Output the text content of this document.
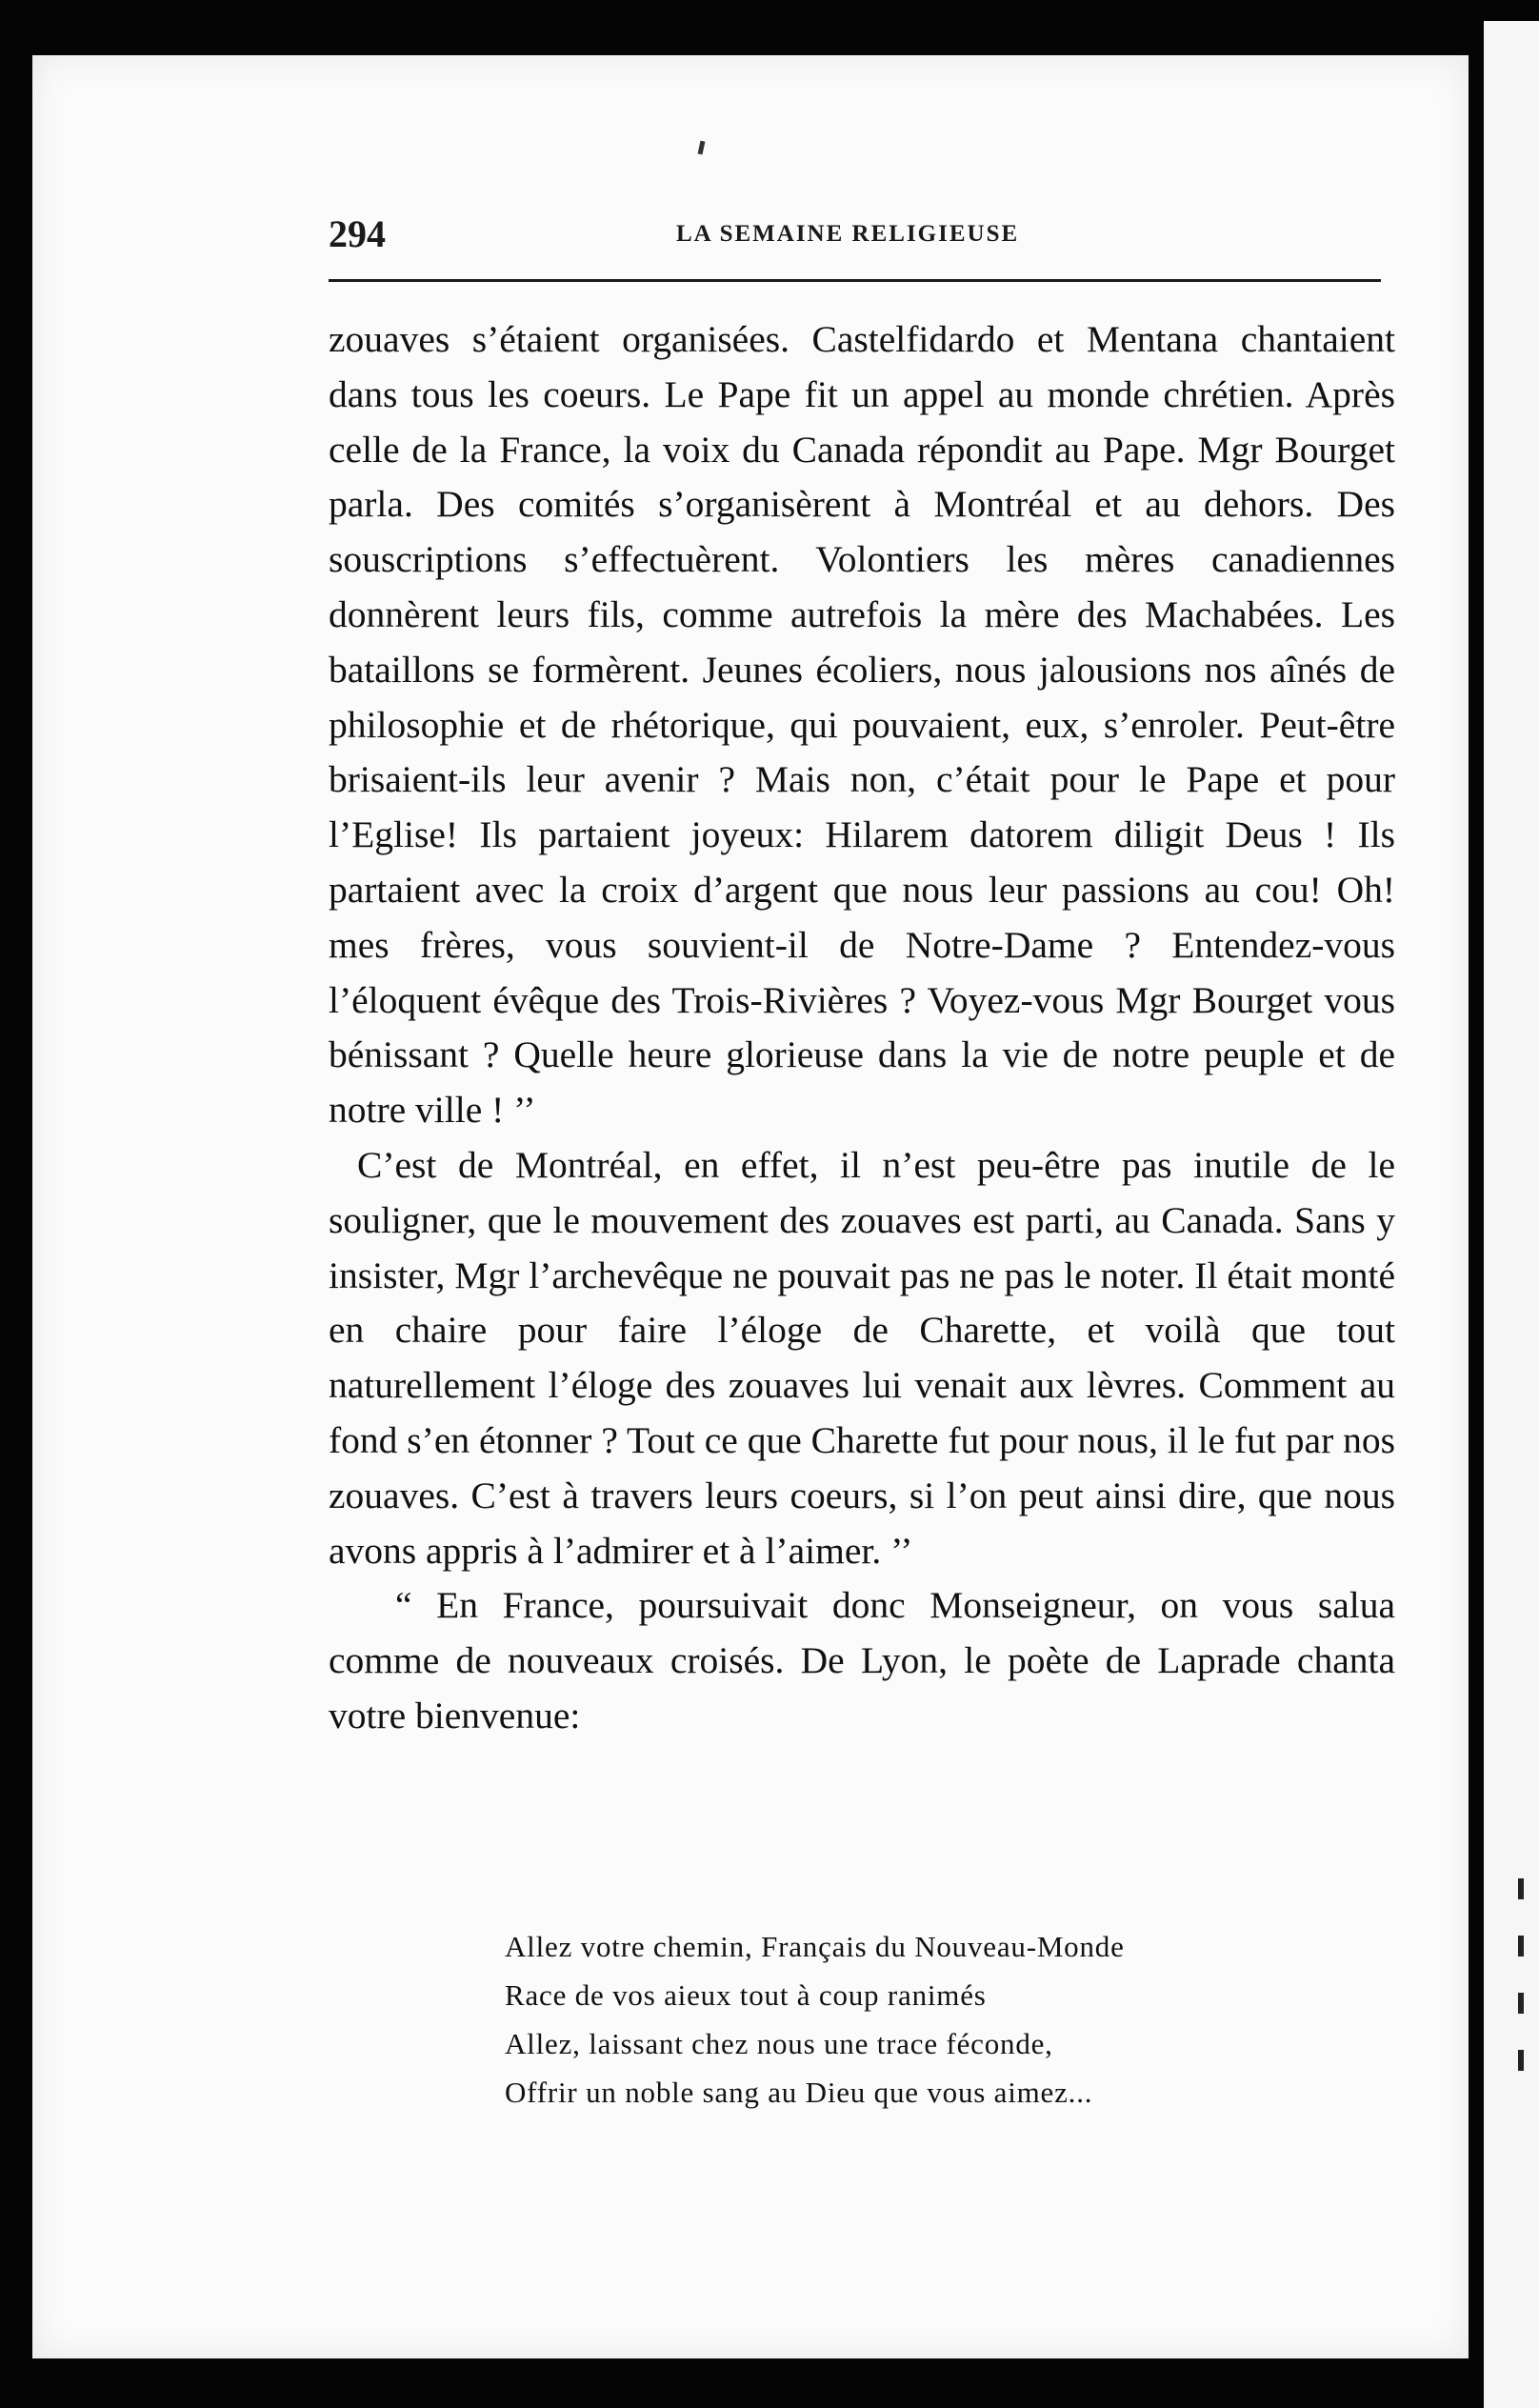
294	LA SEMAINE RELIGIEUSE

zouaves s’étaient organisées. Castelfidardo et Mentana chantaient dans tous les coeurs. Le Pape fit un appel au monde chrétien. Après celle de la France, la voix du Canada répondit au Pape. Mgr Bourget parla. Des comités s’organisèrent à Montréal et au dehors. Des souscriptions s’effectuèrent. Volontiers les mères canadiennes donnèrent leurs fils, comme autrefois la mère des Machabées. Les bataillons se formèrent. Jeunes écoliers, nous jalousions nos aînés de philosophie et de rhétorique, qui pouvaient, eux, s’enroler. Peut-être brisaient-ils leur avenir ? Mais non, c’était pour le Pape et pour l’Eglise! Ils partaient joyeux: Hilarem datorem diligit Deus ! Ils partaient avec la croix d’argent que nous leur passions au cou! Oh! mes frères, vous souvient-il de Notre-Dame ? Entendez-vous l’éloquent évêque des Trois-Rivières ? Voyez-vous Mgr Bourget vous bénissant ? Quelle heure glorieuse dans la vie de notre peuple et de notre ville ! ’’

C’est de Montréal, en effet, il n’est peu-être pas inutile de le souligner, que le mouvement des zouaves est parti, au Canada. Sans y insister, Mgr l’archevêque ne pouvait pas ne pas le noter. Il était monté en chaire pour faire l’éloge de Charette, et voilà que tout naturellement l’éloge des zouaves lui venait aux lèvres. Comment au fond s’en étonner ? Tout ce que Charette fut pour nous, il le fut par nos zouaves. C’est à travers leurs coeurs, si l’on peut ainsi dire, que nous avons appris à l’admirer et à l’aimer. ’’

“ En France, poursuivait donc Monseigneur, on vous salua comme de nouveaux croisés. De Lyon, le poète de Laprade chanta votre bienvenue:

Allez votre chemin, Français du Nouveau-Monde
Race de vos aieux tout à coup ranimés
Allez, laissant chez nous une trace féconde,
Offrir un noble sang au Dieu que vous aimez...
